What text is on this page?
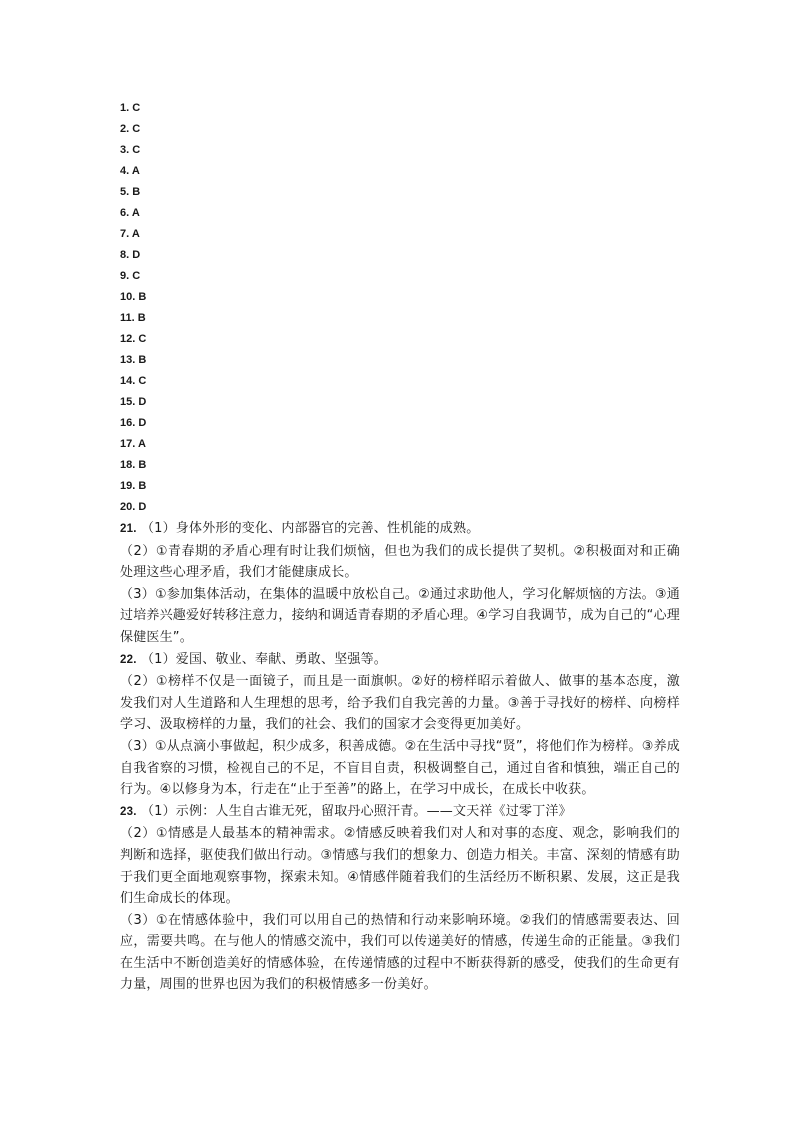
1. C
2. C
3. C
4. A
5. B
6. A
7. A
8. D
9. C
10. B
11. B
12. C
13. B
14. C
15. D
16. D
17. A
18. B
19. B
20. D

21. （1）身体外形的变化、内部器官的完善、性机能的成熟。

（2）①青春期的矛盾心理有时让我们烦恼，但也为我们的成长提供了契机。②积极面对和正确处理这些心理矛盾，我们才能健康成长。

（3）①参加集体活动，在集体的温暖中放松自己。②通过求助他人，学习化解烦恼的方法。③通过培养兴趣爱好转移注意力，接纳和调适青春期的矛盾心理。④学习自我调节，成为自己的“心理保健医生”。

22. （1）爱国、敬业、奉献、勇敢、坚强等。

（2）①榜样不仅是一面镜子，而且是一面旗帜。②好的榜样昭示着做人、做事的基本态度，激发我们对人生道路和人生理想的思考，给予我们自我完善的力量。③善于寻找好的榜样、向榜样学习、汲取榜样的力量，我们的社会、我们的国家才会变得更加美好。

（3）①从点滴小事做起，积少成多，积善成德。②在生活中寻找“贤”，将他们作为榜样。③养成自我省察的习惯，检视自己的不足，不盲目自责，积极调整自己，通过自省和慎独，端正自己的行为。④以修身为本，行走在“止于至善”的路上，在学习中成长，在成长中收获。

23. （1）示例：人生自古谁无死，留取丹心照汗青。——文天祥《过零丁洋》

（2）①情感是人最基本的精神需求。②情感反映着我们对人和对事的态度、观念，影响我们的判断和选择，驱使我们做出行动。③情感与我们的想象力、创造力相关。丰富、深刻的情感有助于我们更全面地观察事物，探索未知。④情感伴随着我们的生活经历不断积累、发展，这正是我们生命成长的体现。

（3）①在情感体验中，我们可以用自己的热情和行动来影响环境。②我们的情感需要表达、回应，需要共鸣。在与他人的情感交流中，我们可以传递美好的情感，传递生命的正能量。③我们在生活中不断创造美好的情感体验，在传递情感的过程中不断获得新的感受，使我们的生命更有力量，周围的世界也因为我们的积极情感多一份美好。
